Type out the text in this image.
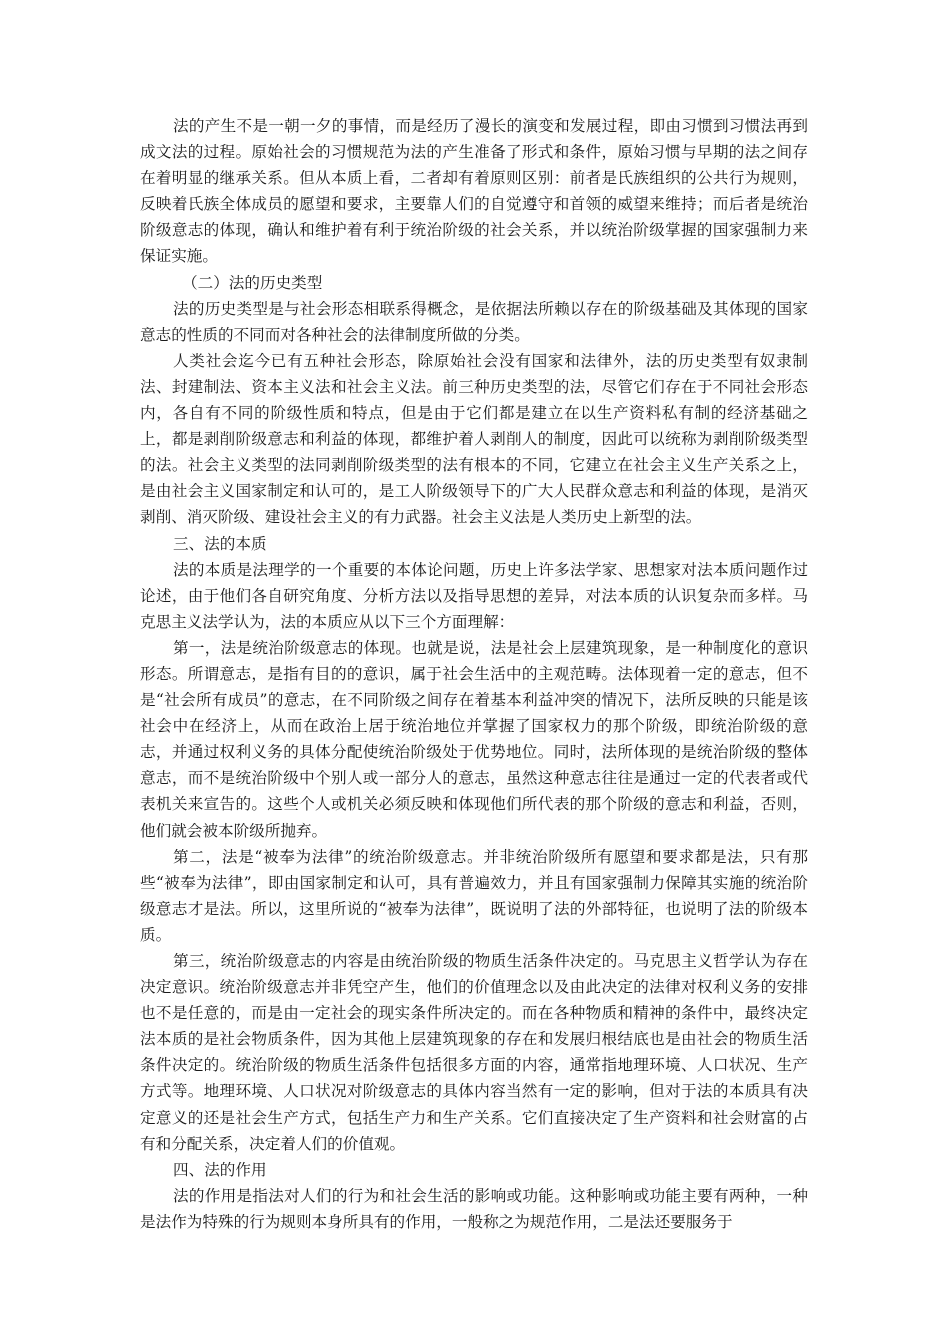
法的产生不是一朝一夕的事情，而是经历了漫长的演变和发展过程，即由习惯到习惯法再到成文法的过程。原始社会的习惯规范为法的产生准备了形式和条件，原始习惯与早期的法之间存在着明显的继承关系。但从本质上看，二者却有着原则区别：前者是氏族组织的公共行为规则，反映着氏族全体成员的愿望和要求，主要靠人们的自觉遵守和首领的威望来维持；而后者是统治阶级意志的体现，确认和维护着有利于统治阶级的社会关系，并以统治阶级掌握的国家强制力来保证实施。

（二）法的历史类型

法的历史类型是与社会形态相联系得概念，是依据法所赖以存在的阶级基础及其体现的国家意志的性质的不同而对各种社会的法律制度所做的分类。

人类社会迄今已有五种社会形态，除原始社会没有国家和法律外，法的历史类型有奴隶制法、封建制法、资本主义法和社会主义法。前三种历史类型的法，尽管它们存在于不同社会形态内，各自有不同的阶级性质和特点，但是由于它们都是建立在以生产资料私有制的经济基础之上，都是剥削阶级意志和利益的体现，都维护着人剥削人的制度，因此可以统称为剥削阶级类型的法。社会主义类型的法同剥削阶级类型的法有根本的不同，它建立在社会主义生产关系之上，是由社会主义国家制定和认可的，是工人阶级领导下的广大人民群众意志和利益的体现，是消灭剥削、消灭阶级、建设社会主义的有力武器。社会主义法是人类历史上新型的法。

三、法的本质

法的本质是法理学的一个重要的本体论问题，历史上许多法学家、思想家对法本质问题作过论述，由于他们各自研究角度、分析方法以及指导思想的差异，对法本质的认识复杂而多样。马克思主义法学认为，法的本质应从以下三个方面理解：

第一，法是统治阶级意志的体现。也就是说，法是社会上层建筑现象，是一种制度化的意识形态。所谓意志，是指有目的的意识，属于社会生活中的主观范畴。法体现着一定的意志，但不是“社会所有成员”的意志，在不同阶级之间存在着基本利益冲突的情况下，法所反映的只能是该社会中在经济上，从而在政治上居于统治地位并掌握了国家权力的那个阶级，即统治阶级的意志，并通过权利义务的具体分配使统治阶级处于优势地位。同时，法所体现的是统治阶级的整体意志，而不是统治阶级中个别人或一部分人的意志，虽然这种意志往往是通过一定的代表者或代表机关来宣告的。这些个人或机关必须反映和体现他们所代表的那个阶级的意志和利益，否则，他们就会被本阶级所抛弃。

第二，法是“被奉为法律”的统治阶级意志。并非统治阶级所有愿望和要求都是法，只有那些“被奉为法律”，即由国家制定和认可，具有普遍效力，并且有国家强制力保障其实施的统治阶级意志才是法。所以，这里所说的“被奉为法律”，既说明了法的外部特征，也说明了法的阶级本质。

第三，统治阶级意志的内容是由统治阶级的物质生活条件决定的。马克思主义哲学认为存在决定意识。统治阶级意志并非凭空产生，他们的价值理念以及由此决定的法律对权利义务的安排也不是任意的，而是由一定社会的现实条件所决定的。而在各种物质和精神的条件中，最终决定法本质的是社会物质条件，因为其他上层建筑现象的存在和发展归根结底也是由社会的物质生活条件决定的。统治阶级的物质生活条件包括很多方面的内容，通常指地理环境、人口状况、生产方式等。地理环境、人口状况对阶级意志的具体内容当然有一定的影响，但对于法的本质具有决定意义的还是社会生产方式，包括生产力和生产关系。它们直接决定了生产资料和社会财富的占有和分配关系，决定着人们的价值观。

四、法的作用

法的作用是指法对人们的行为和社会生活的影响或功能。这种影响或功能主要有两种，一种是法作为特殊的行为规则本身所具有的作用，一般称之为规范作用，二是法还要服务于
